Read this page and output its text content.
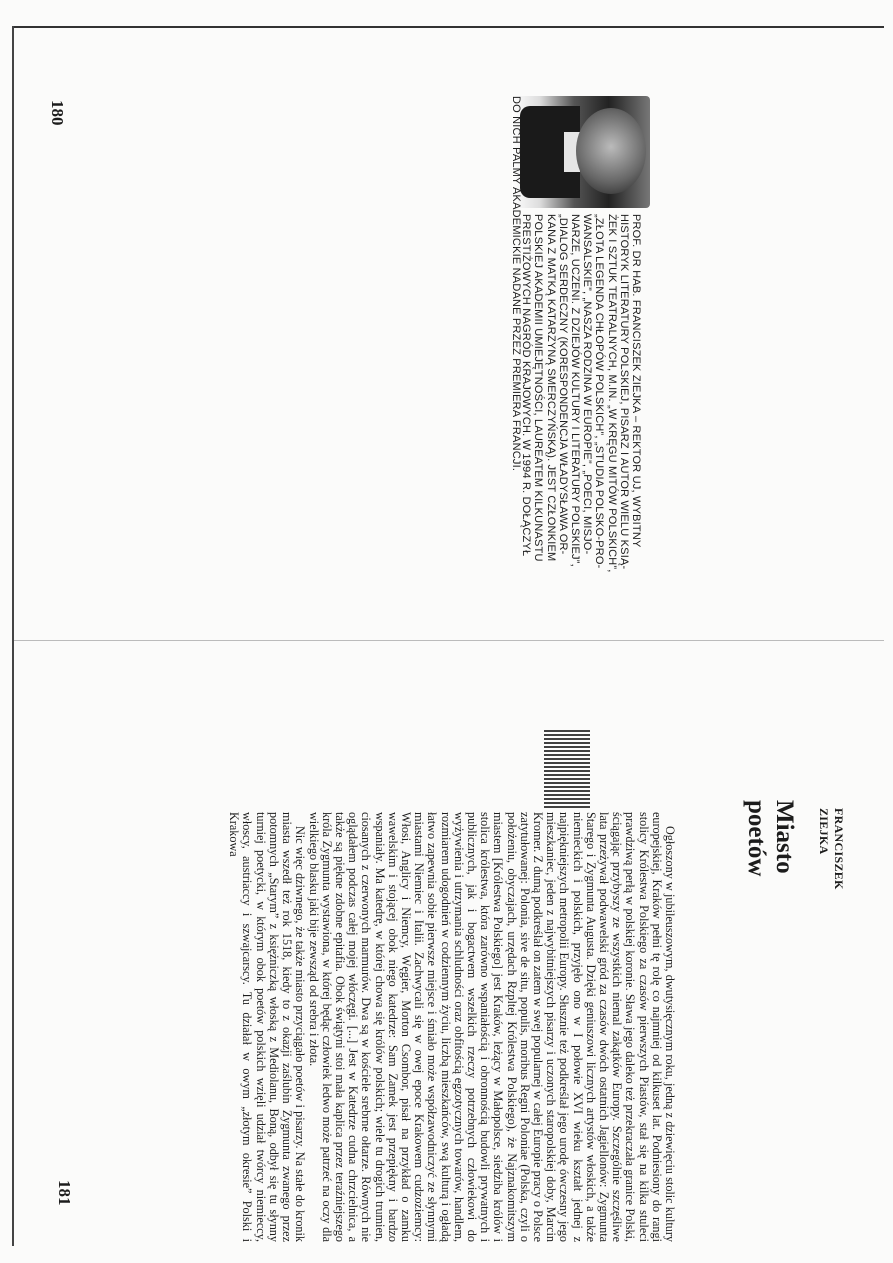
180
PROF. DR HAB. FRANCISZEK ZIEJKA – REKTOR UJ, WYBITNY
HISTORYK LITERATURY POLSKIEJ, PISARZ I AUTOR WIELU KSIĄ-
ŻEK I SZTUK TEATRALNYCH, M.IN. „W KRĘGU MITÓW POLSKICH”,
„ZŁOTA LEGENDA CHŁOPÓW POLSKICH”, „STUDIA POLSKO-PRO-
WANSALSKIE”, „NASZA RODZINA W EUROPIE”, „POECI, MISJO-
NARZE, UCZENI. Z DZIEJÓW KULTURY I LITERATURY POLSKIEJ”,
„DIALOG SERDECZNY (KORESPONDENCJA WŁADYSŁAWA OR-
KANA Z MATKĄ KATARZYNĄ SMERCZYŃSKĄ). JEST CZŁONKIEM
POLSKIEJ AKADEMII UMIEJĘTNOŚCI, LAUREATEM KILKUNASTU
PRESTIŻOWYCH NAGRÓD KRAJOWYCH. W 1994 R. DOŁĄCZYŁ
DO NICH PALMY AKADEMICKIE NADANE PRZEZ PREMIERA FRANCJI.
FRANCISZEK ZIEJKA
Miasto poetów
181	Ogłoszony w jubileuszowym, dwutysięcznym roku, jedną z dziewięciu stolic kultury europejskiej, Kraków pełni tę rolę co najmniej od kilkuset lat. Podniesiony do rangi stolicy Królestwa Polskiego za czasów pierwszych Piastów, stał się na kilka stuleci prawdziwą perłą w polskiej koronie. Sława jego daleko też przekraczała granice Polski, ściągając przybyszy ze wszystkich niemal zakątków Europy. Szczególnie szczęśliwe lata przeżywał podwawelski gród za czasów dwóch ostatnich Jagiellonów: Zygmunta Starego i Zygmunta Augusta. Dzięki geniuszowi licznych artystów włoskich, a także niemieckich i polskich, przyjęło ono w I połowie XVI wieku kształt jednej z najpiękniejszych metropolii Europy. Słusznie też podkreślał jego urodę ówczesny jego mieszkaniec, jeden z najwybitniejszych pisarzy i uczonych staropolskiej doby, Marcin Kromer. Z dumą podkreślał on zatem w swej popularnej w całej Europie pracy o Polsce zatytułowanej: Polonia, sive de situ, populis, moribus Regni Poloniae (Polska, czyli o położeniu, obyczajach, urzędach Rzpltej Królestwa Polskiego), że Najznakomitszym miastem [Królestwa Polskiego] jest Kraków, leżący w Małopolsce, siedziba królów i stolica królestwa, która zarówno wspaniałością i obronnością budowli prywatnych i publicznych, jak i bogactwem wszelkich rzeczy potrzebnych człowiekowi do wyżywienia i utrzymania schludności oraz obfitością egzotycznych towarów, handlem, rozmiarem udogodnień w codziennym życiu, liczbą mieszkańców, swą kulturą i ogładą łatwo zapewnia sobie pierwsze miejsce i śmiało może współzawodniczyć ze słynnymi miastami Niemiec i Italii. Zachwycali się w owej epoce Krakowem cudzoziemcy: Włosi, Anglicy i Niemcy, Węgier, Morton Csombor, pisał na przykład o zamku wawelskim i stojącej obok niego katedrze: Sam Zamek jest przepiękny i bardzo wspaniały. Ma katedrę, w której chowa się królów polskich; wiele tu drogich trumien, ciosanych z czerwonych marmurów. Dwa są w kościele srebrne ołtarze. Równych nie oglądałem podczas całej mojej włóczęgi. [...] Jest w Katedrze cudna chrzcielnica, a także są piękne zdobne epitafia. Obok świątyni stoi mała kaplica przez teraźniejszego króla Zygmunta wystawiona, w której będąc człowiek ledwo może patrzeć na oczy dla wielkiego blasku jaki bije zewsząd od srebra i złota.

Nic więc dziwnego, że także miasto przyciągało poetów i pisarzy. Na stałe do kronik miasta wszedł też rok 1518, kiedy to z okazji zaślubin Zygmunta zwanego przez potomnych „Starym” z księżniczką włoską z Mediolanu, Boną, odbył się tu słynny turniej poetycki, w którym obok poetów polskich wzięli udział twórcy niemieccy, włoscy, austriaccy i szwajcarscy. Tu działał w owym „złotym okresie” Polski i Krakowa
